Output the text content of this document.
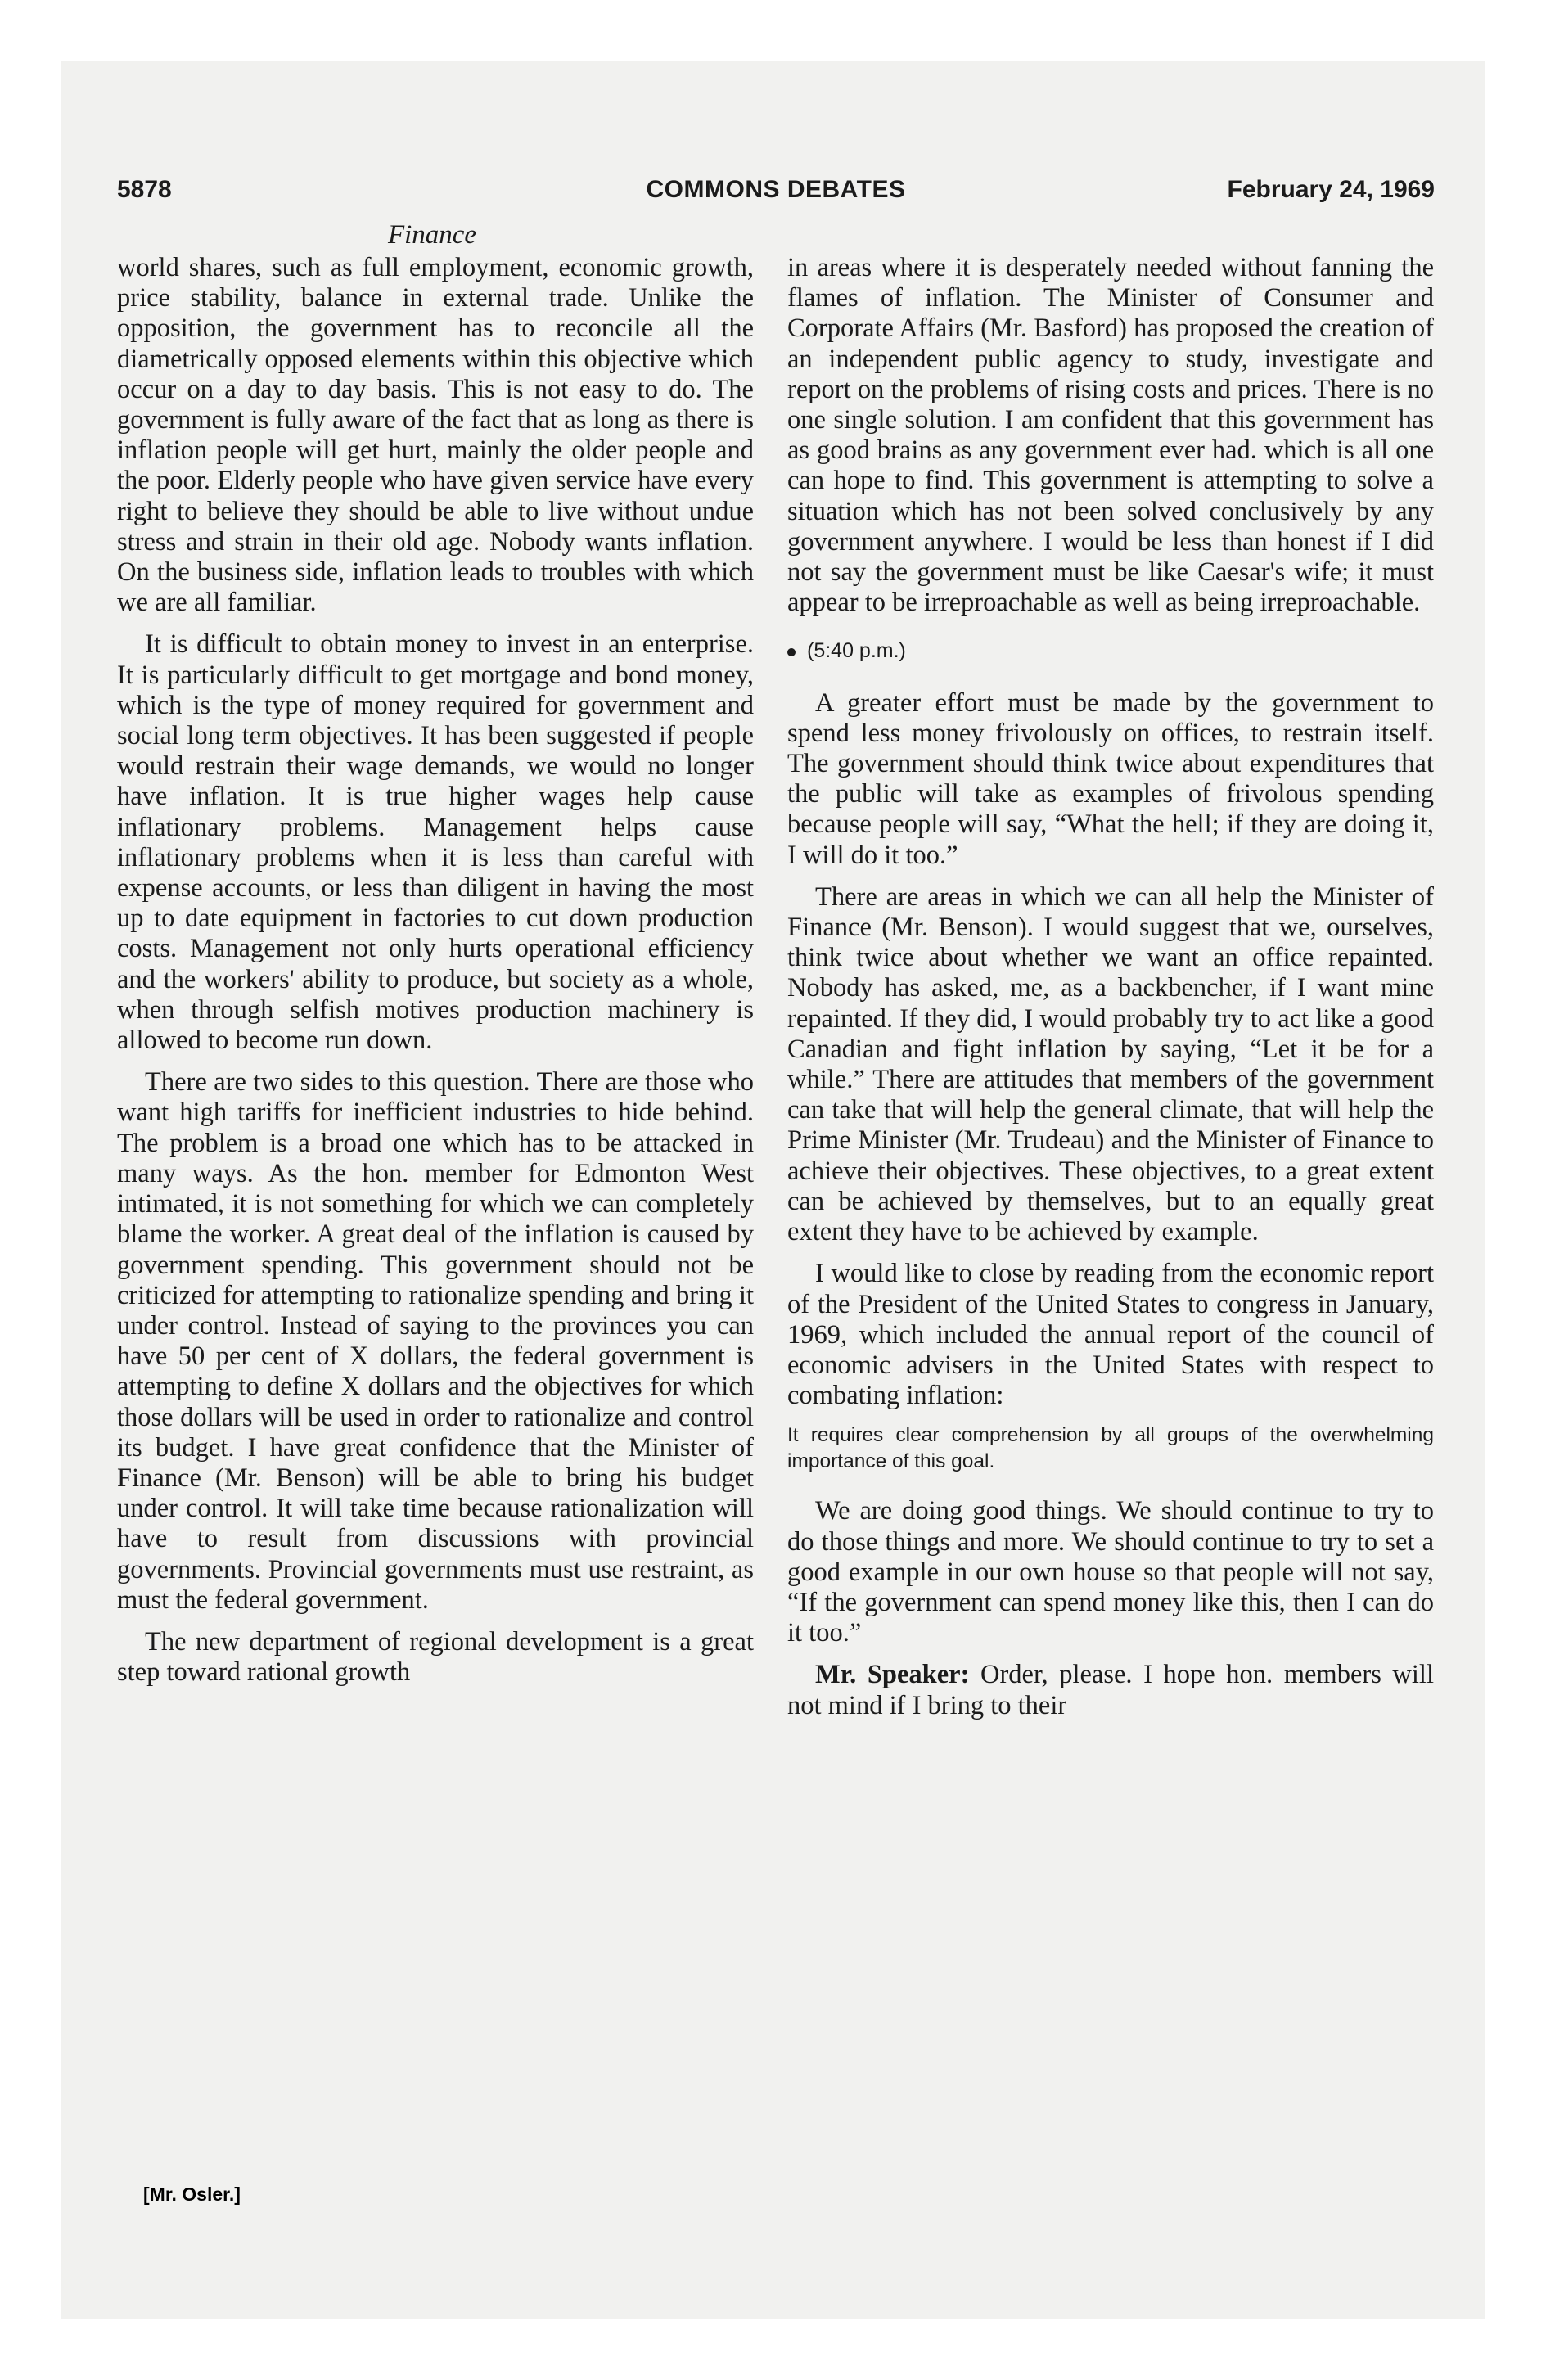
5878	COMMONS DEBATES	February 24, 1969
Finance

world shares, such as full employment, economic growth, price stability, balance in external trade. Unlike the opposition, the government has to reconcile all the diametrically opposed elements within this objective which occur on a day to day basis. This is not easy to do. The government is fully aware of the fact that as long as there is inflation people will get hurt, mainly the older people and the poor. Elderly people who have given service have every right to believe they should be able to live without undue stress and strain in their old age. Nobody wants inflation. On the business side, inflation leads to troubles with which we are all familiar.

It is difficult to obtain money to invest in an enterprise. It is particularly difficult to get mortgage and bond money, which is the type of money required for government and social long term objectives. It has been suggested if people would restrain their wage demands, we would no longer have inflation. It is true higher wages help cause inflationary problems. Management helps cause inflationary problems when it is less than careful with expense accounts, or less than diligent in having the most up to date equipment in factories to cut down production costs. Management not only hurts operational efficiency and the workers' ability to produce, but society as a whole, when through selfish motives production machinery is allowed to become run down.

There are two sides to this question. There are those who want high tariffs for inefficient industries to hide behind. The problem is a broad one which has to be attacked in many ways. As the hon. member for Edmonton West intimated, it is not something for which we can completely blame the worker. A great deal of the inflation is caused by government spending. This government should not be criticized for attempting to rationalize spending and bring it under control. Instead of saying to the provinces you can have 50 per cent of X dollars, the federal government is attempting to define X dollars and the objectives for which those dollars will be used in order to rationalize and control its budget. I have great confidence that the Minister of Finance (Mr. Benson) will be able to bring his budget under control. It will take time because rationalization will have to result from discussions with provincial governments. Provincial governments must use restraint, as must the federal government.

The new department of regional development is a great step toward rational growth

in areas where it is desperately needed without fanning the flames of inflation. The Minister of Consumer and Corporate Affairs (Mr. Basford) has proposed the creation of an independent public agency to study, investigate and report on the problems of rising costs and prices. There is no one single solution. I am confident that this government has as good brains as any government ever had. which is all one can hope to find. This government is attempting to solve a situation which has not been solved conclusively by any government anywhere. I would be less than honest if I did not say the government must be like Caesar's wife; it must appear to be irreproachable as well as being irreproachable.

(5:40 p.m.)

A greater effort must be made by the government to spend less money frivolously on offices, to restrain itself. The government should think twice about expenditures that the public will take as examples of frivolous spending because people will say, “What the hell; if they are doing it, I will do it too.”

There are areas in which we can all help the Minister of Finance (Mr. Benson). I would suggest that we, ourselves, think twice about whether we want an office repainted. Nobody has asked, me, as a backbencher, if I want mine repainted. If they did, I would probably try to act like a good Canadian and fight inflation by saying, “Let it be for a while.” There are attitudes that members of the government can take that will help the general climate, that will help the Prime Minister (Mr. Trudeau) and the Minister of Finance to achieve their objectives. These objectives, to a great extent can be achieved by themselves, but to an equally great extent they have to be achieved by example.

I would like to close by reading from the economic report of the President of the United States to congress in January, 1969, which included the annual report of the council of economic advisers in the United States with respect to combating inflation:

It requires clear comprehension by all groups of the overwhelming importance of this goal.

We are doing good things. We should continue to try to do those things and more. We should continue to try to set a good example in our own house so that people will not say, “If the government can spend money like this, then I can do it too.”

Mr. Speaker: Order, please. I hope hon. members will not mind if I bring to their

[Mr. Osler.]
